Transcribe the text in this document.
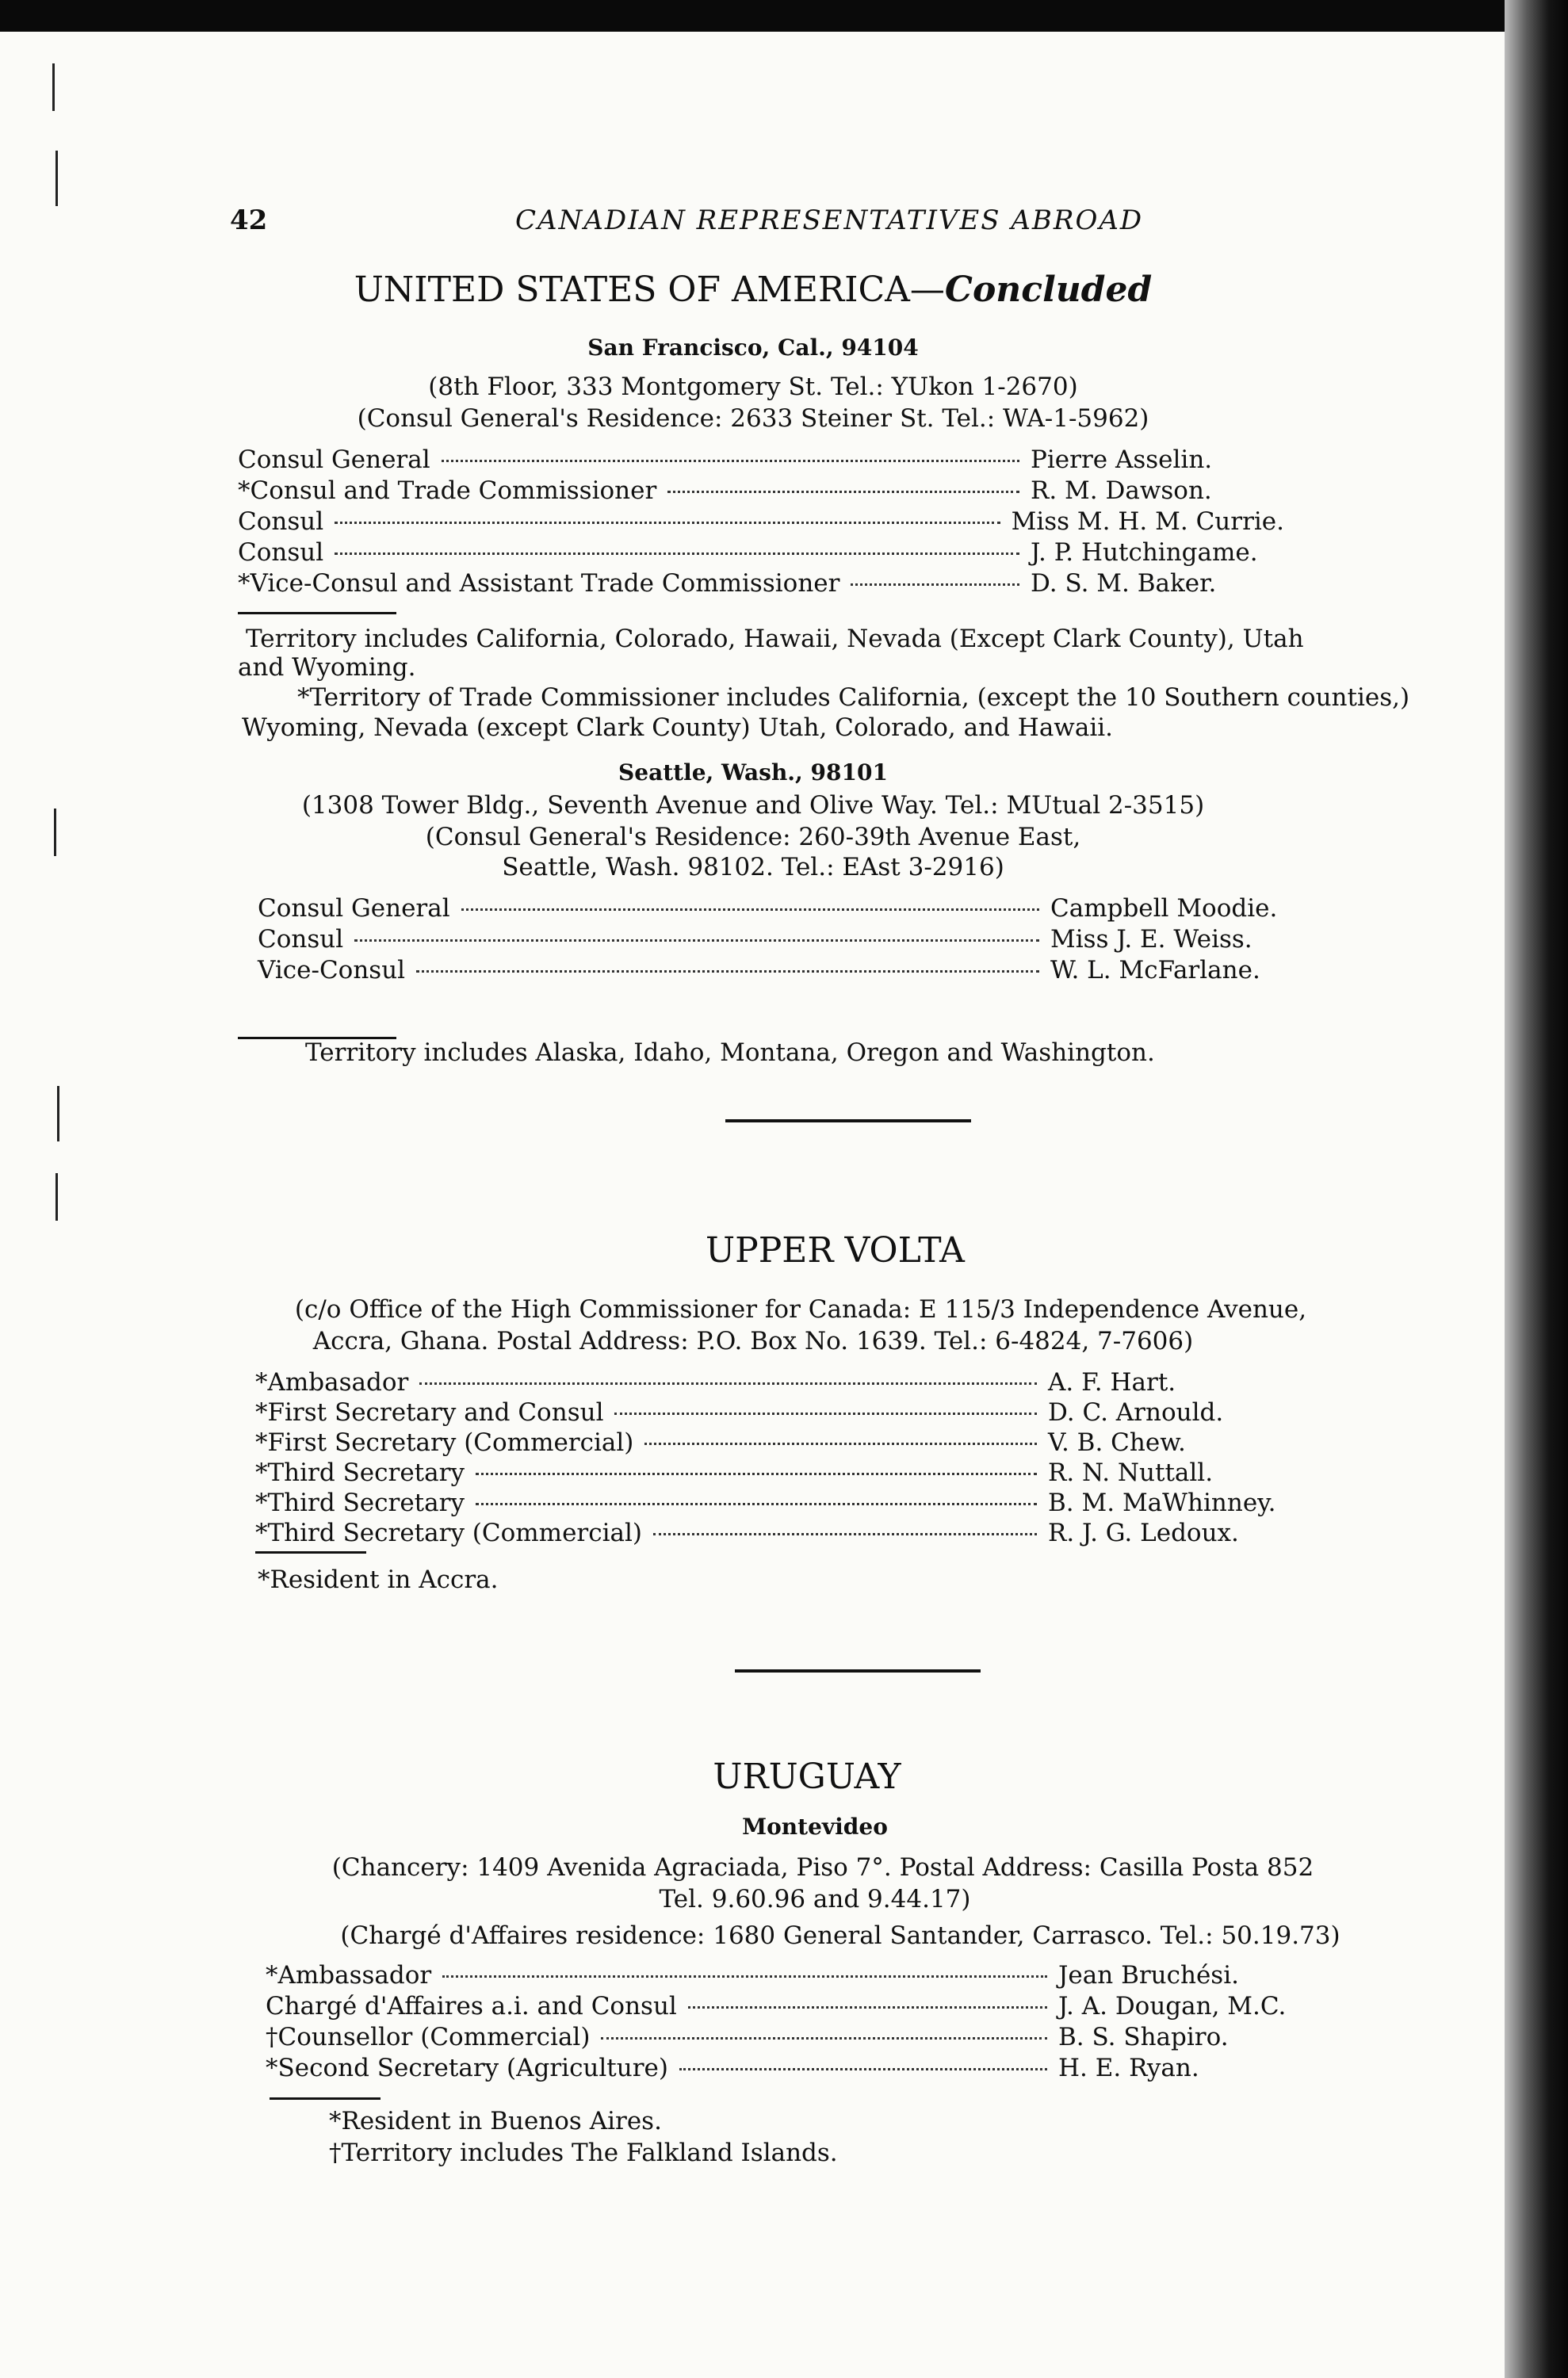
42	CANADIAN REPRESENTATIVES ABROAD
UNITED STATES OF AMERICA—Concluded
San Francisco, Cal., 94104
(8th Floor, 333 Montgomery St. Tel.: YUkon 1-2670)
(Consul General's Residence: 2633 Steiner St. Tel.: WA-1-5962)
Consul General	Pierre Asselin.
*Consul and Trade Commissioner	R. M. Dawson.
Consul	Miss M. H. M. Currie.
Consul	J. P. Hutchingame.
*Vice-Consul and Assistant Trade Commissioner	D. S. M. Baker.
Territory includes California, Colorado, Hawaii, Nevada (Except Clark County), Utah
and Wyoming.
*Territory of Trade Commissioner includes California, (except the 10 Southern counties,)
Wyoming, Nevada (except Clark County) Utah, Colorado, and Hawaii.
Seattle, Wash., 98101
(1308 Tower Bldg., Seventh Avenue and Olive Way. Tel.: MUtual 2-3515)
(Consul General's Residence: 260-39th Avenue East,
Seattle, Wash. 98102. Tel.: EAst 3-2916)
Consul General	Campbell Moodie.
Consul	Miss J. E. Weiss.
Vice-Consul	W. L. McFarlane.
Territory includes Alaska, Idaho, Montana, Oregon and Washington.
UPPER VOLTA
(c/o Office of the High Commissioner for Canada: E 115/3 Independence Avenue,
Accra, Ghana. Postal Address: P.O. Box No. 1639. Tel.: 6-4824, 7-7606)
*Ambasador	A. F. Hart.
*First Secretary and Consul	D. C. Arnould.
*First Secretary (Commercial)	V. B. Chew.
*Third Secretary	R. N. Nuttall.
*Third Secretary	B. M. MaWhinney.
*Third Secretary (Commercial)	R. J. G. Ledoux.
*Resident in Accra.
URUGUAY
Montevideo
(Chancery: 1409 Avenida Agraciada, Piso 7°. Postal Address: Casilla Posta 852
Tel. 9.60.96 and 9.44.17)
(Chargé d'Affaires residence: 1680 General Santander, Carrasco. Tel.: 50.19.73)
*Ambassador	Jean Bruchési.
Chargé d'Affaires a.i. and Consul	J. A. Dougan, M.C.
†Counsellor (Commercial)	B. S. Shapiro.
*Second Secretary (Agriculture)	H. E. Ryan.
*Resident in Buenos Aires.
†Territory includes The Falkland Islands.
